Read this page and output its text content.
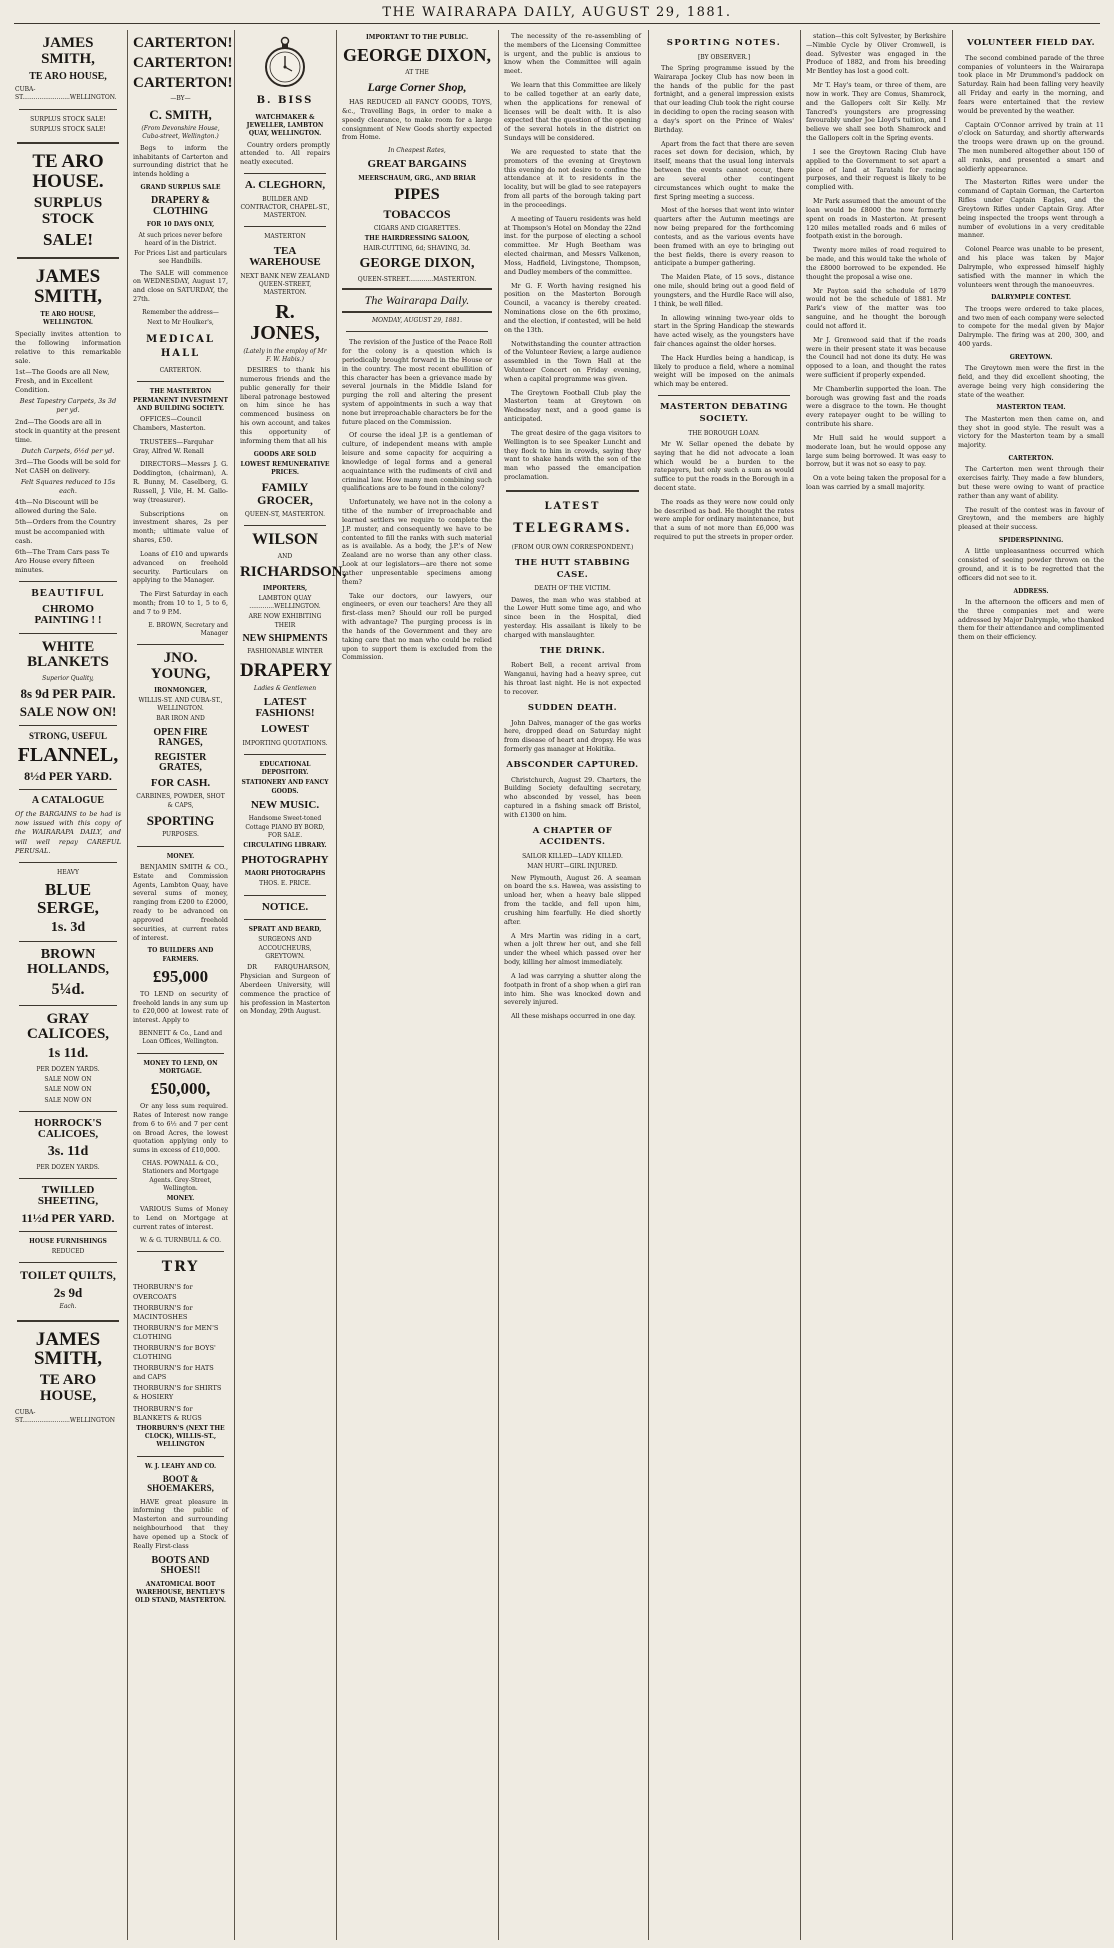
THE WAIRARAPA DAILY, AUGUST 29, 1881.
JAMES SMITH,
TE ARO HOUSE,
CUBA-ST.........................WELLINGTON.
SURPLUS STOCK SALE!
SURPLUS STOCK SALE!
TE ARO HOUSE.
SURPLUS STOCK
SALE!
JAMES SMITH,
TE ARO HOUSE, WELLINGTON.
Specially invites attention to the following information relative to this remarkable sale.
1st—The Goods are all New, Fresh, and in Excellent Condition.
Best Tapestry Carpets, 3s 3d per yd.
2nd—The Goods are all in stock in quantity at the present time.
Dutch Carpets, 6½d per yd.
3rd—The Goods will be sold for Net CASH on delivery.
Felt Squares reduced to 15s each.
4th—No Discount will be allowed during the Sale.
5th—Orders from the Country must be accompanied with cash.
6th—The Tram Cars pass Te Aro House every fifteen minutes.
BEAUTIFUL
CHROMO PAINTING ! !
WHITE BLANKETS
Superior Quality,
8s 9d PER PAIR.
SALE NOW ON!
STRONG, USEFUL
FLANNEL,
8½d PER YARD.
A CATALOGUE
Of the BARGAINS to be had is now issued with this copy of the WAIRARAPA DAILY, and will well repay CAREFUL PERUSAL.
HEAVY
BLUE SERGE,
1s. 3d
BROWN HOLLANDS,
5¼d.
GRAY CALICOES,
1s 11d.
PER DOZEN YARDS.
SALE NOW ON
SALE NOW ON
SALE NOW ON
HORROCK'S CALICOES,
3s. 11d
PER DOZEN YARDS.
TWILLED SHEETING,
11½d PER YARD.
HOUSE FURNISHINGS
REDUCED
TOILET QUILTS,
2s 9d
Each.
JAMES SMITH,
TE ARO HOUSE,
CUBA-ST.........................WELLINGTON
CARTERTON!
CARTERTON!
CARTERTON!
—BY—
C. SMITH,
(From Devonshire House, Cuba-street, Wellington.)

Begs to inform the inhabitants of Carterton and surrounding district that he intends holding a

GRAND SURPLUS SALE
DRAPERY & CLOTHING
FOR 10 DAYS ONLY,
At such prices never before heard of in the District.
For Prices List and particulars see Handbills.

The SALE will commence on WEDNESDAY, August 17, and close on SATURDAY, the 27th.

Remember the address—
Next to Mr Houlker's,
MEDICAL HALL
CARTERTON.
THE MASTERTON PERMANENT INVESTMENT AND BUILDING SOCIETY.

OFFICES—Council Chambers, Masterton.

TRUSTEES—Farquhar Gray, Alfred W. Renall

DIRECTORS—Messrs J. G. Doddington, (chairman), A. R. Bunny, M. Caselberg, G. Russell, J. Vile, H. M. Gallo-way (treasurer).

Subscriptions on investment shares, 2s per month; ultimate value of shares, £50.

Loans of £10 and upwards advanced on freehold security. Particulars on applying to the Manager.

The First Saturday in each month; from 10 to 1, 5 to 6, and 7 to 9 P.M.

E. BROWN, Secretary and Manager
JNO. YOUNG,
IRONMONGER,
WILLIS-ST. AND CUBA-ST., WELLINGTON.
BAR IRON AND
OPEN FIRE RANGES,
REGISTER GRATES,
FOR CASH.
CARBINES, POWDER, SHOT & CAPS,
SPORTING
PURPOSES.
MONEY.

BENJAMIN SMITH & CO., Estate and Commission Agents, Lambton Quay, have several sums of money, ranging from £200 to £2000, ready to be advanced on approved freehold securities, at current rates of interest.

TO BUILDERS AND FARMERS.
£95,000

TO LEND on security of freehold lands in any sum up to £20,000 at lowest rate of interest. Apply to

BENNETT & Co., Land and Loan Offices, Wellington.
MONEY TO LEND, ON MORTGAGE.
£50,000,

Or any less sum required. Rates of Interest now range from 6 to 6½ and 7 per cent on Broad Acres, the lowest quotation applying only to sums in excess of £10,000.

CHAS. POWNALL & CO., Stationers and Mortgage Agents. Grey-Street, Wellington.
MONEY.

VARIOUS Sums of Money to Lend on Mortgage at current rates of interest.

W. & G. TURNBULL & CO.
TRY
THORBURN'S for OVERCOATS
THORBURN'S for MACINTOSHES
THORBURN'S for MEN'S CLOTHING
THORBURN'S for BOYS' CLOTHING
THORBURN'S for HATS and CAPS
THORBURN'S for SHIRTS & HOSIERY
THORBURN'S for BLANKETS & RUGS
THORBURN'S (NEXT THE CLOCK), WILLIS-ST., WELLINGTON
W. J. LEAHY AND CO.
BOOT & SHOEMAKERS,

HAVE great pleasure in informing the public of Masterton and surrounding neighbourhood that they have opened up a Stock of Really First-class

BOOTS AND SHOES!!
ANATOMICAL BOOT WAREHOUSE, BENTLEY'S OLD STAND, MASTERTON.
B. BISS
WATCHMAKER & JEWELLER, LAMBTON QUAY, WELLINGTON.

Country orders promptly attended to. All repairs neatly executed.

A. CLEGHORN,
BUILDER AND CONTRACTOR, CHAPEL-ST., MASTERTON.
MASTERTON
TEA WAREHOUSE
NEXT BANK NEW ZEALAND QUEEN-STREET, MASTERTON.
R. JONES,
(Lately in the employ of Mr F. W. Habis.)

DESIRES to thank his numerous friends and the public generally for their liberal patronage bestowed on him since he has commenced business on his own account, and takes this opportunity of informing them that all his

GOODS ARE SOLD
LOWEST REMUNERATIVE PRICES.
FAMILY GROCER,
QUEEN-ST, MASTERTON.
WILSON
AND
RICHARDSON,
IMPORTERS,
LAMBTON QUAY .............WELLINGTON.
ARE NOW EXHIBITING THEIR
NEW SHIPMENTS
FASHIONABLE WINTER
DRAPERY
Ladies & Gentlemen
LATEST FASHIONS!
LOWEST
IMPORTING QUOTATIONS.
EDUCATIONAL DEPOSITORY.
STATIONERY AND FANCY GOODS.
NEW MUSIC.
Handsome Sweet-toned Cottage PIANO BY BORD, FOR SALE.
CIRCULATING LIBRARY.
PHOTOGRAPHY
MAORI PHOTOGRAPHS
THOS. E. PRICE.
NOTICE.
SPRATT AND BEARD,
SURGEONS AND ACCOUCHEURS, GREYTOWN.

DR FARQUHARSON, Physician and Surgeon of Aberdeen University, will commence the practice of his profession in Masterton on Monday, 29th August.

IMPORTANT TO THE PUBLIC.
GEORGE DIXON,
AT THE
Large Corner Shop,

HAS REDUCED all FANCY GOODS, TOYS, &c., Travelling Bags, in order to make a speedy clearance, to make room for a large consignment of New Goods shortly expected from Home.

In Cheapest Rates,
GREAT BARGAINS
MEERSCHAUM, GRG., AND BRIAR
PIPES
TOBACCOS
CIGARS AND CIGARETTES.
THE HAIRDRESSING SALOON,
HAIR-CUTTING, 6d; SHAVING, 3d.
GEORGE DIXON,
QUEEN-STREET.............MASTERTON.
The Wairarapa Daily.
MONDAY, AUGUST 29, 1881.

The revision of the Justice of the Peace Roll for the colony is a question which is periodically brought forward in the House or in the country. The most recent ebullition of this character has been a grievance made by several journals in the Middle Island for purging the roll and altering the present system of appointments in such a way that none but irreproachable characters be for the future placed on the Commission.

Of course the ideal J.P. is a gentleman of culture, of independent means with ample leisure and some capacity for acquiring a knowledge of legal forms and a general acquaintance with the rudiments of civil and criminal law. How many men combining such qualifications are to be found in the colony?

Unfortunately, we have not in the colony a tithe of the number of irreproachable and learned settlers we require to complete the J.P. muster, and consequently we have to be contented to fill the ranks with such material as is available. As a body, the J.P.'s of New Zealand are no worse than any other class. Look at our legislators—are there not some rather unpresentable specimens among them?

Take our doctors, our lawyers, our engineers, or even our teachers! Are they all first-class men? Should our roll be purged with advantage? The purging process is in the hands of the Government and they are taking care that no man who could be relied upon to support them is excluded from the Commission.

The necessity of the re-assembling of the members of the Licensing Committee is urgent, and the public is anxious to know when the Committee will again meet.

We learn that this Committee are likely to be called together at an early date, when the applications for renewal of licenses will be dealt with. It is also expected that the question of the opening of the several hotels in the district on Sundays will be considered.

We are requested to state that the promoters of the evening at Greytown this evening do not desire to confine the attendance at it to residents in the locality, but will be glad to see ratepayers from all parts of the borough taking part in the proceedings.

A meeting of Taueru residents was held at Thompson's Hotel on Monday the 22nd inst. for the purpose of electing a school committee. Mr Hugh Beetham was elected chairman, and Messrs Valkenon, Moss, Hadfield, Livingstone, Thompson, and Dudley members of the committee.

Mr G. F. Worth having resigned his position on the Masterton Borough Council, a vacancy is thereby created. Nominations close on the 6th proximo, and the election, if contested, will be held on the 13th.

Notwithstanding the counter attraction of the Volunteer Review, a large audience assembled in the Town Hall at the Volunteer Concert on Friday evening, when a capital programme was given.

The Greytown Football Club play the Masterton team at Greytown on Wednesday next, and a good game is anticipated.

The great desire of the gaga visitors to Wellington is to see Speaker Luncht and they flock to him in crowds, saying they want to shake hands with the son of the man who passed the emancipation proclamation.

LATEST
TELEGRAMS.
(FROM OUR OWN CORRESPONDENT.)
THE HUTT STABBING CASE.
DEATH OF THE VICTIM.

Dawes, the man who was stabbed at the Lower Hutt some time ago, and who since been in the Hospital, died yesterday. His assailant is likely to be charged with manslaughter.

THE DRINK.

Robert Bell, a recent arrival from Wanganui, having had a heavy spree, cut his throat last night. He is not expected to recover.

SUDDEN DEATH.

John Dalves, manager of the gas works here, dropped dead on Saturday night from disease of heart and dropsy. He was formerly gas manager at Hokitika.

ABSCONDER CAPTURED.

Christchurch, August 29. Charters, the Building Society defaulting secretary, who absconded by vessel, has been captured in a fishing smack off Bristol, with £1300 on him.

A CHAPTER OF ACCIDENTS.
SAILOR KILLED—LADY KILLED.
MAN HURT—GIRL INJURED.

New Plymouth, August 26. A seaman on board the s.s. Hawea, was assisting to unload her, when a heavy bale slipped from the tackle, and fell upon him, crushing him fearfully. He died shortly after.

A Mrs Martin was riding in a cart, when a jolt threw her out, and she fell under the wheel which passed over her body, killing her almost immediately.

A lad was carrying a shutter along the footpath in front of a shop when a girl ran into him. She was knocked down and severely injured.

All these mishaps occurred in one day.

SPORTING NOTES.
[BY OBSERVER.]

The Spring programme issued by the Wairarapa Jockey Club has now been in the hands of the public for the past fortnight, and a general impression exists that our leading Club took the right course in deciding to open the racing season with a day's sport on the Prince of Wales' Birthday.

Apart from the fact that there are seven races set down for decision, which, by itself, means that the usual long intervals between the events cannot occur, there are several other contingent circumstances which ought to make the first Spring meeting a success.

Most of the horses that went into winter quarters after the Autumn meetings are now being prepared for the forthcoming contests, and as the various events have been framed with an eye to bringing out the best fields, there is every reason to anticipate a bumper gathering.

The Maiden Plate, of 15 sovs., distance one mile, should bring out a good field of youngsters, and the Hurdle Race will also, I think, be well filled.

In allowing winning two-year olds to start in the Spring Handicap the stewards have acted wisely, as the youngsters have fair chances against the older horses.

The Hack Hurdles being a handicap, is likely to produce a field, where a nominal weight will be imposed on the animals which may be entered.

MASTERTON DEBATING SOCIETY.
THE BOROUGH LOAN.

Mr W. Sellar opened the debate by saying that he did not advocate a loan which would be a burden to the ratepayers, but only such a sum as would suffice to put the roads in the Borough in a decent state.

The roads as they were now could only be described as bad. He thought the rates were ample for ordinary maintenance, but that a sum of not more than £6,000 was required to put the streets in proper order.

station—this colt Sylvester, by Berkshire—Nimble Cycle by Oliver Cromwell, is dead. Sylvester was engaged in the Produce of 1882, and from his breeding Mr Bentley has lost a good colt.

Mr T. Hay's team, or three of them, are now in work. They are Comus, Shamrock, and the Gallopers colt Sir Kelly. Mr Tancred's youngsters are progressing favourably under Joe Lloyd's tuition, and I believe we shall see both Shamrock and the Gallopers colt in the Spring events.

I see the Greytown Racing Club have applied to the Government to set apart a piece of land at Taratahi for racing purposes, and their request is likely to be complied with.

Mr Park assumed that the amount of the loan would be £8000 the now formerly spent on roads in Masterton. At present 120 miles metalled roads and 6 miles of footpath exist in the borough.

Twenty more miles of road required to be made, and this would take the whole of the £8000 borrowed to be expended. He thought the proposal a wise one.

Mr Payton said the schedule of 1879 would not be the schedule of 1881. Mr Park's view of the matter was too sanguine, and he thought the borough could not afford it.

Mr J. Grenwood said that if the roads were in their present state it was because the Council had not done its duty. He was opposed to a loan, and thought the rates were sufficient if properly expended.

Mr Chamberlin supported the loan. The borough was growing fast and the roads were a disgrace to the town. He thought every ratepayer ought to be willing to contribute his share.

Mr Hull said he would support a moderate loan, but he would oppose any large sum being borrowed. It was easy to borrow, but it was not so easy to pay.

On a vote being taken the proposal for a loan was carried by a small majority.

VOLUNTEER FIELD DAY.

The second combined parade of the three companies of volunteers in the Wairarapa took place in Mr Drummond's paddock on Saturday. Rain had been falling very heavily all Friday and early in the morning, and fears were entertained that the review would be prevented by the weather.

Captain O'Connor arrived by train at 11 o'clock on Saturday, and shortly afterwards the troops were drawn up on the ground. The men numbered altogether about 150 of all ranks, and presented a smart and soldierly appearance.

The Masterton Rifles were under the command of Captain Gorman, the Carterton Rifles under Captain Eagles, and the Greytown Rifles under Captain Gray. After being inspected the troops went through a number of evolutions in a very creditable manner.

Colonel Pearce was unable to be present, and his place was taken by Major Dalrymple, who expressed himself highly satisfied with the manner in which the volunteers went through the manoeuvres.

DALRYMPLE CONTEST.

The troops were ordered to take places, and two men of each company were selected to compete for the medal given by Major Dalrymple. The firing was at 200, 300, and 400 yards.

GREYTOWN.

The Greytown men were the first in the field, and they did excellent shooting, the average being very high considering the state of the weather.

MASTERTON TEAM.

The Masterton men then came on, and they shot in good style. The result was a victory for the Masterton team by a small majority.

CARTERTON.

The Carterton men went through their exercises fairly. They made a few blunders, but these were owing to want of practice rather than any want of ability.

The result of the contest was in favour of Greytown, and the members are highly pleased at their success.

SPIDERSPINNING.

A little unpleasantness occurred which consisted of seeing powder thrown on the ground, and it is to be regretted that the officers did not see to it.

ADDRESS.

In the afternoon the officers and men of the three companies met and were addressed by Major Dalrymple, who thanked them for their attendance and complimented them on their efficiency.
